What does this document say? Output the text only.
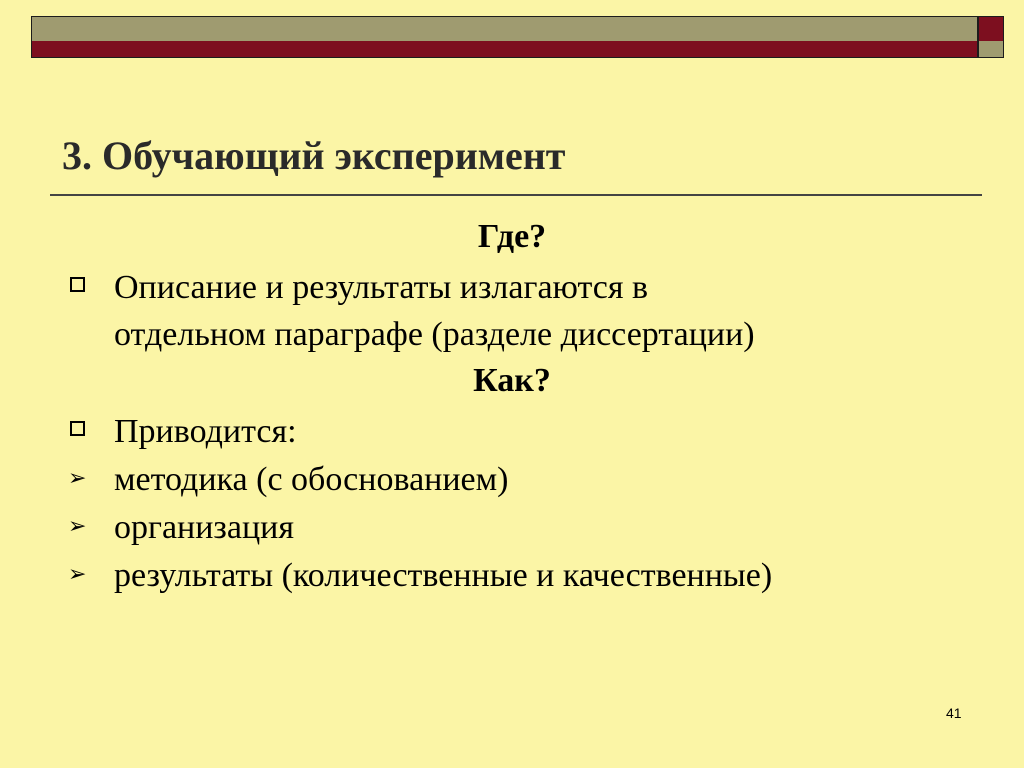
3. Обучающий эксперимент
Где?
Описание и результаты излагаются в
отдельном параграфе (разделе диссертации)
Как?
Приводится:
➢ методика (с обоснованием)
➢ организация
➢ результаты (количественные и качественные)
41
